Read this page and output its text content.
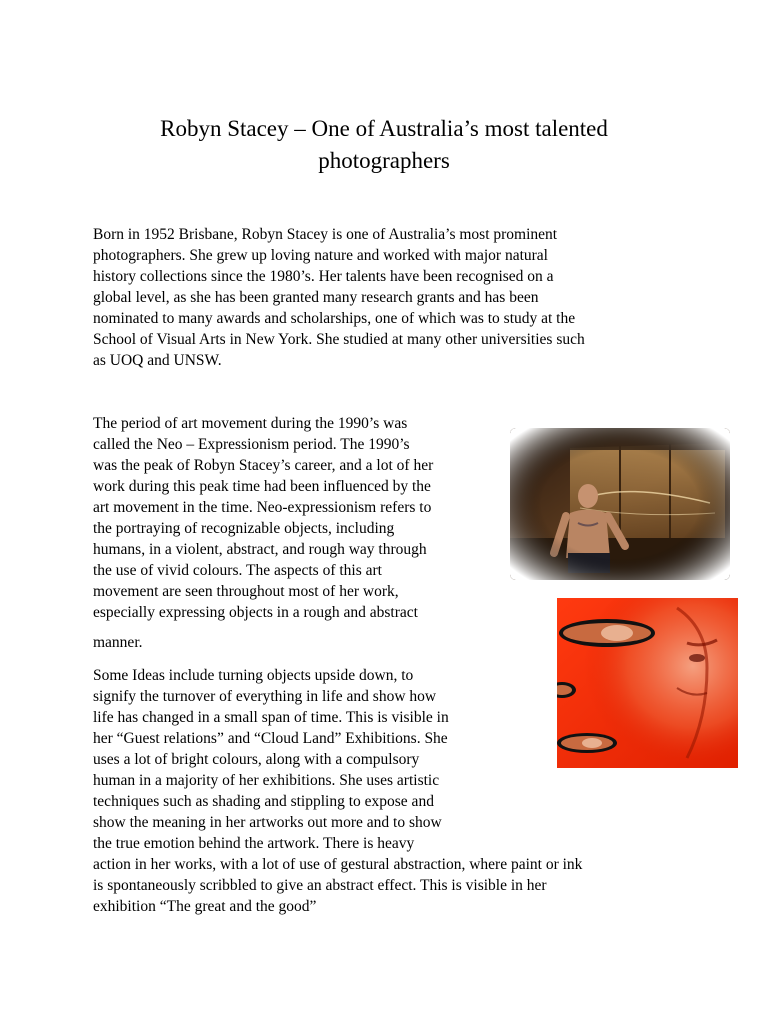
Robyn Stacey – One of Australia’s most talented
photographers

Born in 1952 Brisbane, Robyn Stacey is one of Australia’s most prominent
photographers. She grew up loving nature and worked with major natural
history collections since the 1980’s. Her talents have been recognised on a
global level, as she has been granted many research grants and has been
nominated to many awards and scholarships, one of which was to study at the
School of Visual Arts in New York. She studied at many other universities such
as UOQ and UNSW.

The period of art movement during the 1990’s was
called the Neo – Expressionism period. The 1990’s
was the peak of Robyn Stacey’s career, and a lot of her
work during this peak time had been influenced by the
art movement in the time. Neo-expressionism refers to
the portraying of recognizable objects, including
humans, in a violent, abstract, and rough way through
the use of vivid colours. The aspects of this art
movement are seen throughout most of her work,
especially expressing objects in a rough and abstract

manner.

Some Ideas include turning objects upside down, to
signify the turnover of everything in life and show how
life has changed in a small span of time. This is visible in
her “Guest relations” and “Cloud Land” Exhibitions. She
uses a lot of bright colours, along with a compulsory
human in a majority of her exhibitions. She uses artistic
techniques such as shading and stippling to expose and
show the meaning in her artworks out more and to show
the true emotion behind the artwork. There is heavy
action in her works, with a lot of use of gestural abstraction, where paint or ink
is spontaneously scribbled to give an abstract effect. This is visible in her
exhibition “The great and the good”
